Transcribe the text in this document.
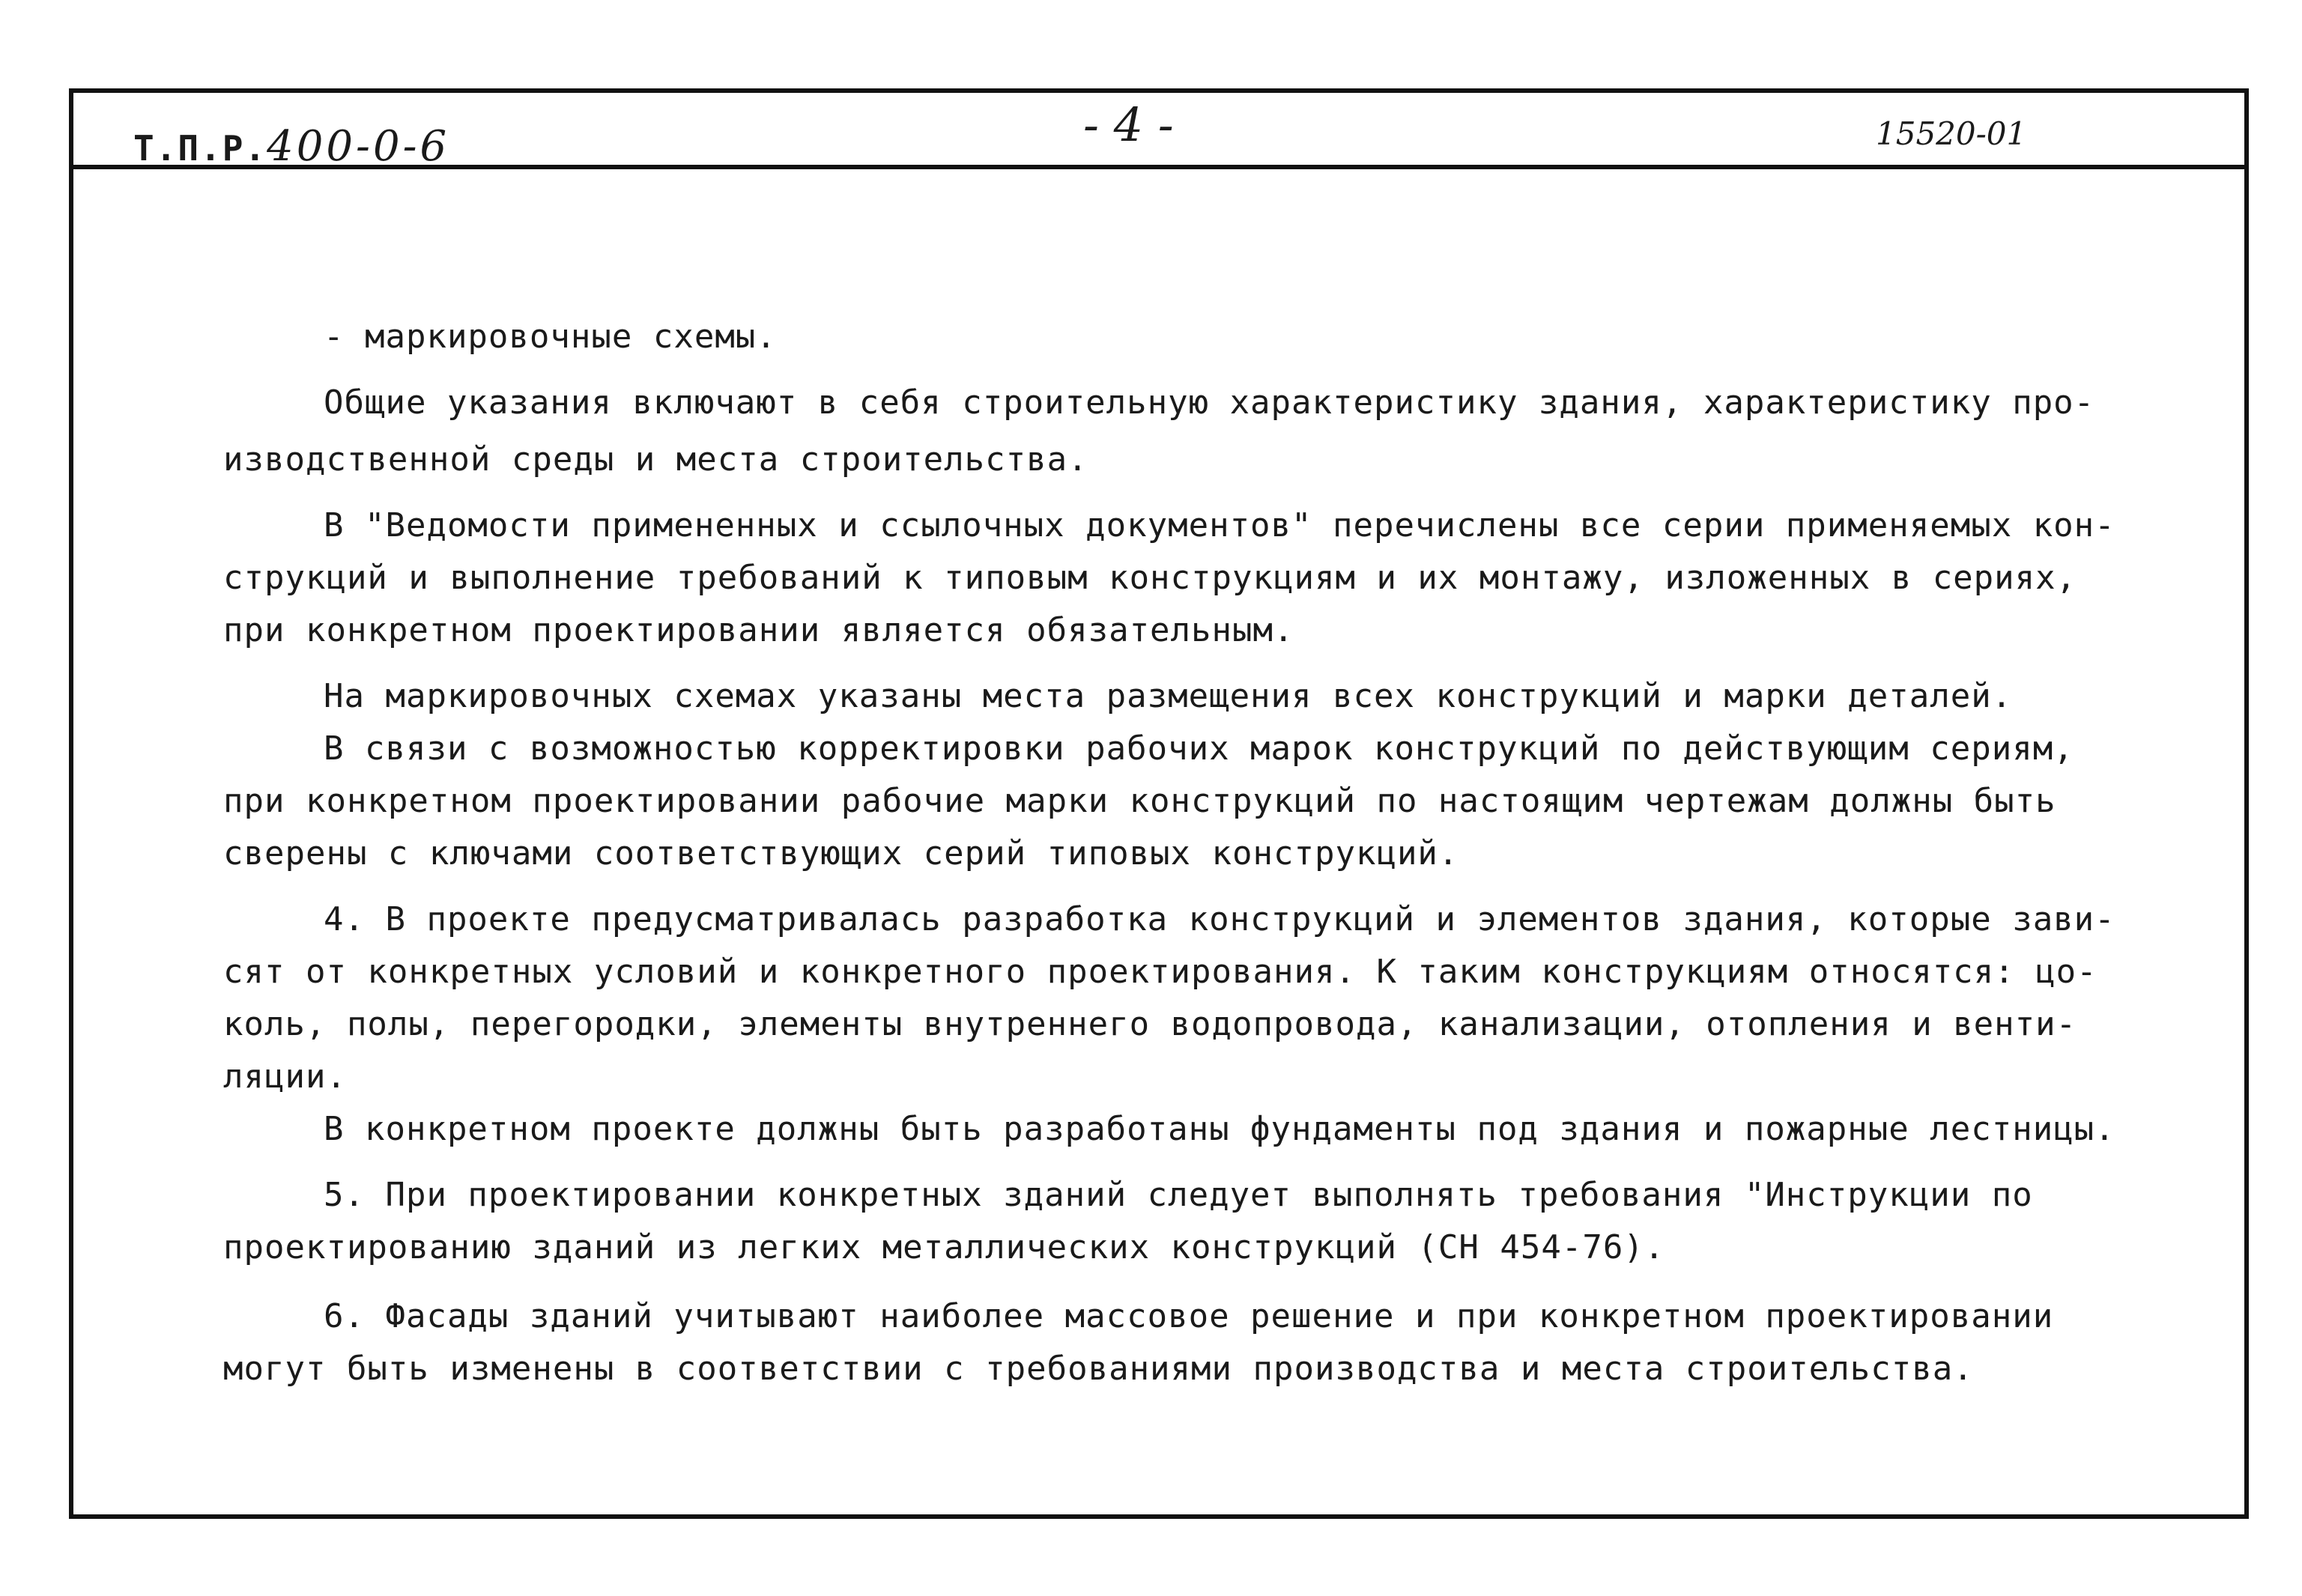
Т.П.Р.400-0-6	- 4 -	15520-01
- маркировочные схемы.
Общие указания включают в себя строительную характеристику здания, характеристику про-
изводственной среды и места строительства.
В "Ведомости примененных и ссылочных документов" перечислены все серии применяемых кон-
струкций и выполнение требований к типовым конструкциям и их монтажу, изложенных в сериях,
при конкретном проектировании является обязательным.
На маркировочных схемах указаны места размещения всех конструкций и марки деталей.
В связи с возможностью корректировки рабочих марок конструкций по действующим сериям,
при конкретном проектировании рабочие марки конструкций по настоящим чертежам должны быть
сверены с ключами соответствующих серий типовых конструкций.
4. В проекте предусматривалась разработка конструкций и элементов здания, которые зави-
сят от конкретных условий и конкретного проектирования. К таким конструкциям относятся: цо-
коль, полы, перегородки, элементы внутреннего водопровода, канализации, отопления и венти-
ляции.
В конкретном проекте должны быть разработаны фундаменты под здания и пожарные лестницы.
5. При проектировании конкретных зданий следует выполнять требования "Инструкции по
проектированию зданий из легких металлических конструкций (СН 454-76).
6. Фасады зданий учитывают наиболее массовое решение и при конкретном проектировании
могут быть изменены в соответствии с требованиями производства и места строительства.
